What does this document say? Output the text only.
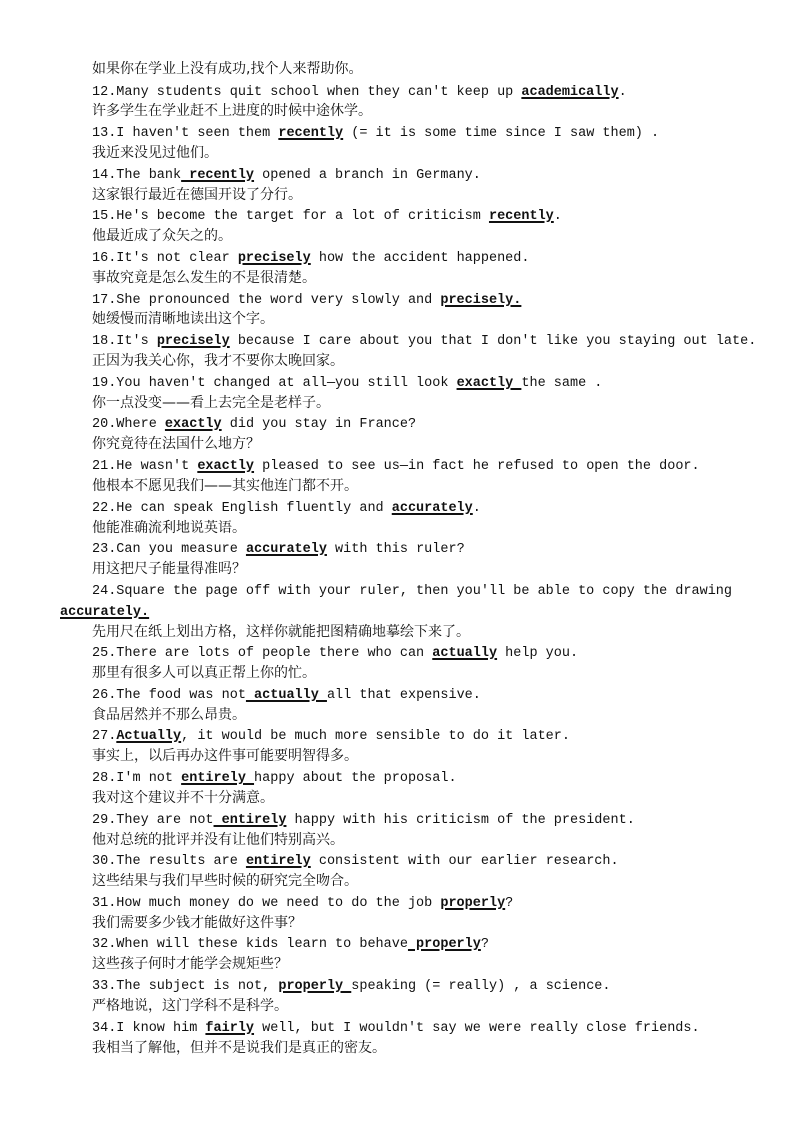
如果你在学业上没有成功,找个人来帮助你。
12.Many students quit school when they can't keep up academically.
许多学生在学业赶不上进度的时候中途休学。
13.I haven't seen them recently (= it is some time since I saw them) .
我近来没见过他们。
14.The bank recently opened a branch in Germany.
这家银行最近在德国开设了分行。
15.He's become the target for a lot of criticism recently.
他最近成了众矢之的。
16.It's not clear precisely how the accident happened.
事故究竟是怎么发生的不是很清楚。
17.She pronounced the word very slowly and precisely.
她缓慢而清晰地读出这个字。
18.It's precisely because I care about you that I don't like you staying out late.
正因为我关心你，我才不要你太晚回家。
19.You haven't changed at all—you still look exactly the same .
你一点没变——看上去完全是老样子。
20.Where exactly did you stay in France?
你究竟待在法国什么地方？
21.He wasn't exactly pleased to see us—in fact he refused to open the door.
他根本不愿见我们——其实他连门都不开。
22.He can speak English fluently and accurately.
他能准确流利地说英语。
23.Can you measure accurately with this ruler?
用这把尺子能量得准吗？
24.Square the page off with your ruler, then you'll be able to copy the drawing
accurately.
先用尺在纸上划出方格，这样你就能把图精确地摹绘下来了。
25.There are lots of people there who can actually help you.
那里有很多人可以真正帮上你的忙。
26.The food was not actually all that expensive.
食品居然并不那么昂贵。
27.Actually, it would be much more sensible to do it later.
事实上，以后再办这件事可能要明智得多。
28.I'm not entirely happy about the proposal.
我对这个建议并不十分满意。
29.They are not entirely happy with his criticism of the president.
他对总统的批评并没有让他们特别高兴。
30.The results are entirely consistent with our earlier research.
这些结果与我们早些时候的研究完全吻合。
31.How much money do we need to do the job properly?
我们需要多少钱才能做好这件事？
32.When will these kids learn to behave properly?
这些孩子何时才能学会规矩些？
33.The subject is not, properly speaking (= really) , a science.
严格地说，这门学科不是科学。
34.I know him fairly well, but I wouldn't say we were really close friends.
我相当了解他，但并不是说我们是真正的密友。
